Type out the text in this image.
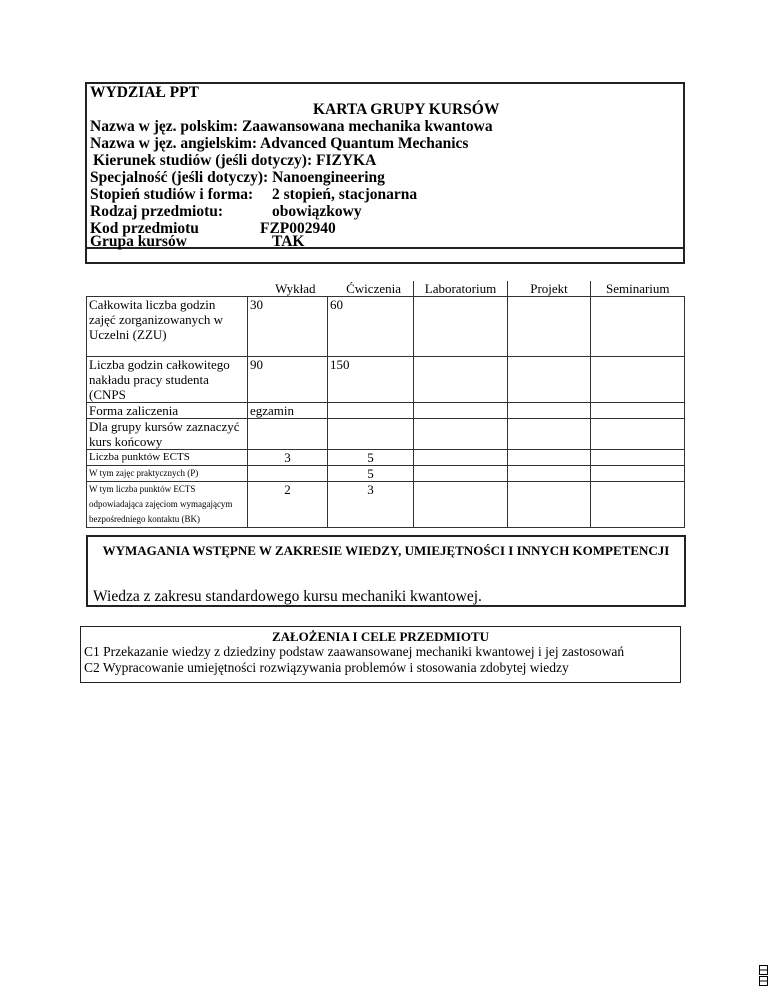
WYDZIAŁ PPT
KARTA GRUPY KURSÓW
Nazwa w jęz. polskim: Zaawansowana mechanika kwantowa
Nazwa w jęz. angielskim: Advanced Quantum Mechanics
Kierunek studiów (jeśli dotyczy): FIZYKA
Specjalność (jeśli dotyczy): Nanoengineering
Stopień studiów i forma: 2 stopień, stacjonarna
Rodzaj przedmiotu:	obowiązkowy
Kod przedmiotu	FZP002940
Grupa kursów	TAK
	Wykład	Ćwiczenia	Laboratorium	Projekt	Seminarium
Całkowita liczba godzin zajęć zorganizowanych w Uczelni (ZZU)	30	60			
Liczba godzin całkowitego nakładu pracy studenta (CNPS	90	150			
Forma zaliczenia	egzamin				
Dla grupy kursów zaznaczyć kurs końcowy					
Liczba punktów ECTS	3	5			
W tym zajęc praktycznych (P)		5			
W tym liczba punktów ECTS odpowiadająca zajęciom wymagającym bezpośredniego kontaktu (BK)	2	3			
WYMAGANIA WSTĘPNE W ZAKRESIE WIEDZY, UMIEJĘTNOŚCI I INNYCH KOMPETENCJI
Wiedza z zakresu standardowego kursu mechaniki kwantowej.
ZAŁOŻENIA I CELE PRZEDMIOTU
C1 Przekazanie wiedzy z dziedziny podstaw zaawansowanej mechaniki kwantowej i jej zastosowań
C2 Wypracowanie umiejętności rozwiązywania problemów i stosowania zdobytej wiedzy
